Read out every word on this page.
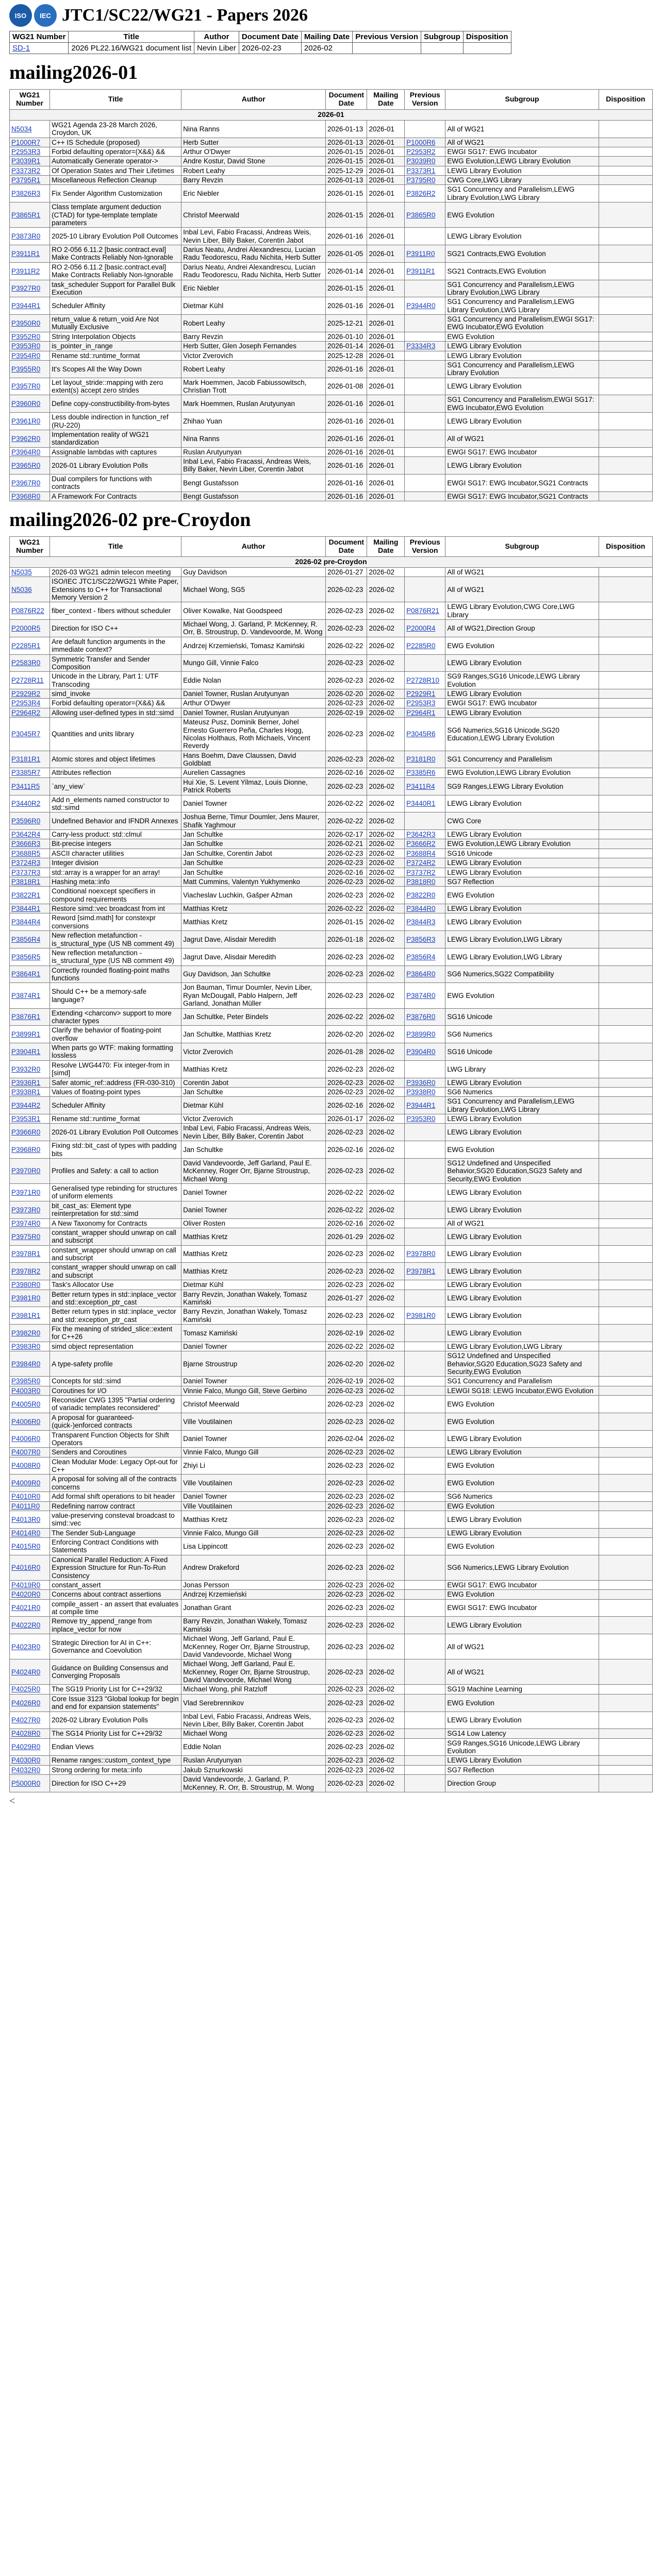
ISO	IEC JTC1/SC22/WG21 - Papers 2026
WG21 Number	Title	Author	Document Date	Mailing Date	Previous Version	Subgroup	Disposition
SD-1	2026 PL22.16/WG21 document list	Nevin Liber	2026-02-23	2026-02			
mailing2026-01
WG21 Number	Title	Author	Document Date	Mailing Date	Previous Version	Subgroup	Disposition
2026-01							
N5034	WG21 Agenda 23-28 March 2026, Croydon, UK	Nina Ranns	2026-01-13	2026-01		All of WG21	
P1000R7	C++ IS Schedule (proposed)	Herb Sutter	2026-01-13	2026-01	P1000R6	All of WG21	
P2953R3	Forbid defaulting operator=(X&&) &&	Arthur O'Dwyer	2026-01-15	2026-01	P2953R2	EWGI SG17: EWG Incubator	
P3039R1	Automatically Generate operator->	Andre Kostur, David Stone	2026-01-15	2026-01	P3039R0	EWG Evolution,LEWG Library Evolution	
P3373R2	Of Operation States and Their Lifetimes	Robert Leahy	2025-12-29	2026-01	P3373R1	LEWG Library Evolution	
P3795R1	Miscellaneous Reflection Cleanup	Barry Revzin	2026-01-13	2026-01	P3795R0	CWG Core,LWG Library	
P3826R3	Fix Sender Algorithm Customization	Eric Niebler	2026-01-15	2026-01	P3826R2	SG1 Concurrency and Parallelism,LEWG Library Evolution,LWG Library	
P3865R1	Class template argument deduction (CTAD) for type-template template parameters	Christof Meerwald	2026-01-15	2026-01	P3865R0	EWG Evolution	
P3873R0	2025-10 Library Evolution Poll Outcomes	Inbal Levi, Fabio Fracassi, Andreas Weis, Nevin Liber, Billy Baker, Corentin Jabot	2026-01-16	2026-01		LEWG Library Evolution	
P3911R1	RO 2-056 6.11.2 [basic.contract.eval] Make Contracts Reliably Non-Ignorable	Darius Neatu, Andrei Alexandrescu, Lucian Radu Teodorescu, Radu Nichita, Herb Sutter	2026-01-05	2026-01	P3911R0	SG21 Contracts,EWG Evolution	
P3911R2	RO 2-056 6.11.2 [basic.contract.eval] Make Contracts Reliably Non-Ignorable	Darius Neatu, Andrei Alexandrescu, Lucian Radu Teodorescu, Radu Nichita, Herb Sutter	2026-01-14	2026-01	P3911R1	SG21 Contracts,EWG Evolution	
P3927R0	task_scheduler Support for Parallel Bulk Execution	Eric Niebler	2026-01-15	2026-01		SG1 Concurrency and Parallelism,LEWG Library Evolution,LWG Library	
P3944R1	Scheduler Affinity	Dietmar Kühl	2026-01-16	2026-01	P3944R0	SG1 Concurrency and Parallelism,LEWG Library Evolution,LWG Library	
P3950R0	return_value & return_void Are Not Mutually Exclusive	Robert Leahy	2025-12-21	2026-01		SG1 Concurrency and Parallelism,EWGI SG17: EWG Incubator,EWG Evolution	
P3952R0	String Interpolation Objects	Barry Revzin	2026-01-10	2026-01		EWG Evolution	
P3953R0	is_pointer_in_range	Herb Sutter, Glen Joseph Fernandes	2026-01-14	2026-01	P3334R3	LEWG Library Evolution	
P3954R0	Rename std::runtime_format	Victor Zverovich	2025-12-28	2026-01		LEWG Library Evolution	
P3955R0	It's Scopes All the Way Down	Robert Leahy	2026-01-16	2026-01		SG1 Concurrency and Parallelism,LEWG Library Evolution	
P3957R0	Let layout_stride::mapping with zero extent(s) accept zero strides	Mark Hoemmen, Jacob Fabiussowitsch, Christian Trott	2026-01-08	2026-01		LEWG Library Evolution	
P3960R0	Define copy-constructibility-from-bytes	Mark Hoemmen, Ruslan Arutyunyan	2026-01-16	2026-01		SG1 Concurrency and Parallelism,EWGI SG17: EWG Incubator,EWG Evolution	
P3961R0	Less double indirection in function_ref (RU-220)	Zhihao Yuan	2026-01-16	2026-01		LEWG Library Evolution	
P3962R0	Implementation reality of WG21 standardization	Nina Ranns	2026-01-16	2026-01		All of WG21	
P3964R0	Assignable lambdas with captures	Ruslan Arutyunyan	2026-01-16	2026-01		EWGI SG17: EWG Incubator	
P3965R0	2026-01 Library Evolution Polls	Inbal Levi, Fabio Fracassi, Andreas Weis, Billy Baker, Nevin Liber, Corentin Jabot	2026-01-16	2026-01		LEWG Library Evolution	
P3967R0	Dual compilers for functions with contracts	Bengt Gustafsson	2026-01-16	2026-01		EWGI SG17: EWG Incubator,SG21 Contracts	
P3968R0	A Framework For Contracts	Bengt Gustafsson	2026-01-16	2026-01		EWGI SG17: EWG Incubator,SG21 Contracts	
mailing2026-02 pre-Croydon
WG21 Number	Title	Author	Document Date	Mailing Date	Previous Version	Subgroup	Disposition
2026-02 pre-Croydon							
N5035	2026-03 WG21 admin telecon meeting	Guy Davidson	2026-01-27	2026-02		All of WG21	
N5036	ISO/IEC JTC1/SC22/WG21 White Paper, Extensions to C++ for Transactional Memory Version 2	Michael Wong, SG5	2026-02-23	2026-02		All of WG21	
P0876R22	fiber_context - fibers without scheduler	Oliver Kowalke, Nat Goodspeed	2026-02-23	2026-02	P0876R21	LEWG Library Evolution,CWG Core,LWG Library	
P2000R5	Direction for ISO C++	Michael Wong, J. Garland, P. McKenney, R. Orr, B. Stroustrup, D. Vandevoorde, M. Wong	2026-02-23	2026-02	P2000R4	All of WG21,Direction Group	
P2285R1	Are default function arguments in the immediate context?	Andrzej Krzemieński, Tomasz Kamiński	2026-02-22	2026-02	P2285R0	EWG Evolution	
P2583R0	Symmetric Transfer and Sender Composition	Mungo Gill, Vinnie Falco	2026-02-23	2026-02		LEWG Library Evolution	
P2728R11	Unicode in the Library, Part 1: UTF Transcoding	Eddie Nolan	2026-02-23	2026-02	P2728R10	SG9 Ranges,SG16 Unicode,LEWG Library Evolution	
P2929R2	simd_invoke	Daniel Towner, Ruslan Arutyunyan	2026-02-20	2026-02	P2929R1	LEWG Library Evolution	
P2953R4	Forbid defaulting operator=(X&&) &&	Arthur O'Dwyer	2026-02-23	2026-02	P2953R3	EWGI SG17: EWG Incubator	
P2964R2	Allowing user-defined types in std::simd	Daniel Towner, Ruslan Arutyunyan	2026-02-19	2026-02	P2964R1	LEWG Library Evolution	
P3045R7	Quantities and units library	Mateusz Pusz, Dominik Berner, Johel Ernesto Guerrero Peña, Charles Hogg, Nicolas Holthaus, Roth Michaels, Vincent Reverdy	2026-02-23	2026-02	P3045R6	SG6 Numerics,SG16 Unicode,SG20 Education,LEWG Library Evolution	
P3181R1	Atomic stores and object lifetimes	Hans Boehm, Dave Claussen, David Goldblatt	2026-02-23	2026-02	P3181R0	SG1 Concurrency and Parallelism	
P3385R7	Attributes reflection	Aurelien Cassagnes	2026-02-16	2026-02	P3385R6	EWG Evolution,LEWG Library Evolution	
P3411R5	`any_view`	Hui Xie, S. Levent Yilmaz, Louis Dionne, Patrick Roberts	2026-02-23	2026-02	P3411R4	SG9 Ranges,LEWG Library Evolution	
P3440R2	Add n_elements named constructor to std::simd	Daniel Towner	2026-02-22	2026-02	P3440R1	LEWG Library Evolution	
P3596R0	Undefined Behavior and IFNDR Annexes	Joshua Berne, Timur Doumler, Jens Maurer, Shafik Yaghmour	2026-02-22	2026-02		CWG Core	
P3642R4	Carry-less product: std::clmul	Jan Schultke	2026-02-17	2026-02	P3642R3	LEWG Library Evolution	
P3666R3	Bit-precise integers	Jan Schultke	2026-02-21	2026-02	P3666R2	EWG Evolution,LEWG Library Evolution	
P3688R5	ASCII character utilities	Jan Schultke, Corentin Jabot	2026-02-23	2026-02	P3688R4	SG16 Unicode	
P3724R3	Integer division	Jan Schultke	2026-02-23	2026-02	P3724R2	LEWG Library Evolution	
P3737R3	std::array is a wrapper for an array!	Jan Schultke	2026-02-16	2026-02	P3737R2	LEWG Library Evolution	
P3818R1	Hashing meta::info	Matt Cummins, Valentyn Yukhymenko	2026-02-23	2026-02	P3818R0	SG7 Reflection	
P3822R1	Conditional noexcept specifiers in compound requirements	Viacheslav Luchkin, Gašper Ažman	2026-02-23	2026-02	P3822R0	EWG Evolution	
P3844R1	Restore simd::vec broadcast from int	Matthias Kretz	2026-02-22	2026-02	P3844R0	LEWG Library Evolution	
P3844R4	Reword [simd.math] for constexpr conversions	Matthias Kretz	2026-01-15	2026-02	P3844R3	LEWG Library Evolution	
P3856R4	New reflection metafunction - is_structural_type (US NB comment 49)	Jagrut Dave, Alisdair Meredith	2026-01-18	2026-02	P3856R3	LEWG Library Evolution,LWG Library	
P3856R5	New reflection metafunction - is_structural_type (US NB comment 49)	Jagrut Dave, Alisdair Meredith	2026-02-23	2026-02	P3856R4	LEWG Library Evolution,LWG Library	
P3864R1	Correctly rounded floating-point maths functions	Guy Davidson, Jan Schultke	2026-02-23	2026-02	P3864R0	SG6 Numerics,SG22 Compatibility	
P3874R1	Should C++ be a memory-safe language?	Jon Bauman, Timur Doumler, Nevin Liber, Ryan McDougall, Pablo Halpern, Jeff Garland, Jonathan Müller	2026-02-23	2026-02	P3874R0	EWG Evolution	
P3876R1	Extending <charconv> support to more character types	Jan Schultke, Peter Bindels	2026-02-22	2026-02	P3876R0	SG16 Unicode	
P3899R1	Clarify the behavior of floating-point overflow	Jan Schultke, Matthias Kretz	2026-02-20	2026-02	P3899R0	SG6 Numerics	
P3904R1	When parts go WTF: making formatting lossless	Victor Zverovich	2026-01-28	2026-02	P3904R0	SG16 Unicode	
P3932R0	Resolve LWG4470: Fix integer-from in [simd]	Matthias Kretz	2026-02-23	2026-02		LWG Library	
P3936R1	Safer atomic_ref::address (FR-030-310)	Corentin Jabot	2026-02-23	2026-02	P3936R0	LEWG Library Evolution	
P3938R1	Values of floating-point types	Jan Schultke	2026-02-23	2026-02	P3938R0	SG6 Numerics	
P3944R2	Scheduler Affinity	Dietmar Kühl	2026-02-16	2026-02	P3944R1	SG1 Concurrency and Parallelism,LEWG Library Evolution,LWG Library	
P3953R1	Rename std::runtime_format	Victor Zverovich	2026-01-17	2026-02	P3953R0	LEWG Library Evolution	
P3966R0	2026-01 Library Evolution Poll Outcomes	Inbal Levi, Fabio Fracassi, Andreas Weis, Nevin Liber, Billy Baker, Corentin Jabot	2026-02-23	2026-02		LEWG Library Evolution	
P3968R0	Fixing std::bit_cast of types with padding bits	Jan Schultke	2026-02-16	2026-02		EWG Evolution	
P3970R0	Profiles and Safety: a call to action	David Vandevoorde, Jeff Garland, Paul E. McKenney, Roger Orr, Bjarne Stroustrup, Michael Wong	2026-02-23	2026-02		SG12 Undefined and Unspecified Behavior,SG20 Education,SG23 Safety and Security,EWG Evolution	
P3971R0	Generalised type rebinding for structures of uniform elements	Daniel Towner	2026-02-22	2026-02		LEWG Library Evolution	
P3973R0	bit_cast_as: Element type reinterpretation for std::simd	Daniel Towner	2026-02-22	2026-02		LEWG Library Evolution	
P3974R0	A New Taxonomy for Contracts	Oliver Rosten	2026-02-16	2026-02		All of WG21	
P3975R0	constant_wrapper should unwrap on call and subscript	Matthias Kretz	2026-01-29	2026-02		LEWG Library Evolution	
P3978R1	constant_wrapper should unwrap on call and subscript	Matthias Kretz	2026-02-23	2026-02	P3978R0	LEWG Library Evolution	
P3978R2	constant_wrapper should unwrap on call and subscript	Matthias Kretz	2026-02-23	2026-02	P3978R1	LEWG Library Evolution	
P3980R0	Task's Allocator Use	Dietmar Kühl	2026-02-23	2026-02		LEWG Library Evolution	
P3981R0	Better return types in std::inplace_vector and std::exception_ptr_cast	Barry Revzin, Jonathan Wakely, Tomasz Kamiński	2026-01-27	2026-02		LEWG Library Evolution	
P3981R1	Better return types in std::inplace_vector and std::exception_ptr_cast	Barry Revzin, Jonathan Wakely, Tomasz Kamiński	2026-02-23	2026-02	P3981R0	LEWG Library Evolution	
P3982R0	Fix the meaning of strided_slice::extent for C++26	Tomasz Kamiński	2026-02-19	2026-02		LEWG Library Evolution	
P3983R0	simd object representation	Daniel Towner	2026-02-22	2026-02		LEWG Library Evolution,LWG Library	
P3984R0	A type-safety profile	Bjarne Stroustrup	2026-02-20	2026-02		SG12 Undefined and Unspecified Behavior,SG20 Education,SG23 Safety and Security,EWG Evolution	
P3985R0	Concepts for std::simd	Daniel Towner	2026-02-19	2026-02		SG1 Concurrency and Parallelism	
P4003R0	Coroutines for I/O	Vinnie Falco, Mungo Gill, Steve Gerbino	2026-02-23	2026-02		LEWGI SG18: LEWG Incubator,EWG Evolution	
P4005R0	Reconsider CWG 1395 "Partial ordering of variadic templates reconsidered"	Christof Meerwald	2026-02-23	2026-02		EWG Evolution	
P4006R0	A proposal for guaranteed-(quick-)enforced contracts	Ville Voutilainen	2026-02-23	2026-02		EWG Evolution	
P4006R0	Transparent Function Objects for Shift Operators	Daniel Towner	2026-02-04	2026-02		LEWG Library Evolution	
P4007R0	Senders and Coroutines	Vinnie Falco, Mungo Gill	2026-02-23	2026-02		LEWG Library Evolution	
P4008R0	Clean Modular Mode: Legacy Opt-out for C++	Zhiyi Li	2026-02-23	2026-02		EWG Evolution	
P4009R0	A proposal for solving all of the contracts concerns	Ville Voutilainen	2026-02-23	2026-02		EWG Evolution	
P4010R0	Add formal shift operations to bit header	Daniel Towner	2026-02-23	2026-02		SG6 Numerics	
P4011R0	Redefining narrow contract	Ville Voutilainen	2026-02-23	2026-02		EWG Evolution	
P4013R0	value-preserving consteval broadcast to simd::vec	Matthias Kretz	2026-02-23	2026-02		LEWG Library Evolution	
P4014R0	The Sender Sub-Language	Vinnie Falco, Mungo Gill	2026-02-23	2026-02		LEWG Library Evolution	
P4015R0	Enforcing Contract Conditions with Statements	Lisa Lippincott	2026-02-23	2026-02		EWG Evolution	
P4016R0	Canonical Parallel Reduction: A Fixed Expression Structure for Run-To-Run Consistency	Andrew Drakeford	2026-02-23	2026-02		SG6 Numerics,LEWG Library Evolution	
P4019R0	constant_assert	Jonas Persson	2026-02-23	2026-02		EWGI SG17: EWG Incubator	
P4020R0	Concerns about contract assertions	Andrzej Krzemieński	2026-02-23	2026-02		EWG Evolution	
P4021R0	compile_assert - an assert that evaluates at compile time	Jonathan Grant	2026-02-23	2026-02		EWGI SG17: EWG Incubator	
P4022R0	Remove try_append_range from inplace_vector for now	Barry Revzin, Jonathan Wakely, Tomasz Kamiński	2026-02-23	2026-02		LEWG Library Evolution	
P4023R0	Strategic Direction for AI in C++: Governance and Coevolution	Michael Wong, Jeff Garland, Paul E. McKenney, Roger Orr, Bjarne Stroustrup, David Vandevoorde, Michael Wong	2026-02-23	2026-02		All of WG21	
P4024R0	Guidance on Building Consensus and Converging Proposals	Michael Wong, Jeff Garland, Paul E. McKenney, Roger Orr, Bjarne Stroustrup, David Vandevoorde, Michael Wong	2026-02-23	2026-02		All of WG21	
P4025R0	The SG19 Priority List for C++29/32	Michael Wong, phil Ratzloff	2026-02-23	2026-02		SG19 Machine Learning	
P4026R0	Core Issue 3123 "Global lookup for begin and end for expansion statements"	Vlad Serebrennikov	2026-02-23	2026-02		EWG Evolution	
P4027R0	2026-02 Library Evolution Polls	Inbal Levi, Fabio Fracassi, Andreas Weis, Nevin Liber, Billy Baker, Corentin Jabot	2026-02-23	2026-02		LEWG Library Evolution	
P4028R0	The SG14 Priority List for C++29/32	Michael Wong	2026-02-23	2026-02		SG14 Low Latency	
P4029R0	Endian Views	Eddie Nolan	2026-02-23	2026-02		SG9 Ranges,SG16 Unicode,LEWG Library Evolution	
P4030R0	Rename ranges::custom_context_type	Ruslan Arutyunyan	2026-02-23	2026-02		LEWG Library Evolution	
P4032R0	Strong ordering for meta::info	Jakub Sznurkowski	2026-02-23	2026-02		SG7 Reflection	
P5000R0	Direction for ISO C++29	David Vandevoorde, J. Garland, P. McKenney, R. Orr, B. Stroustrup, M. Wong	2026-02-23	2026-02		Direction Group	
<
